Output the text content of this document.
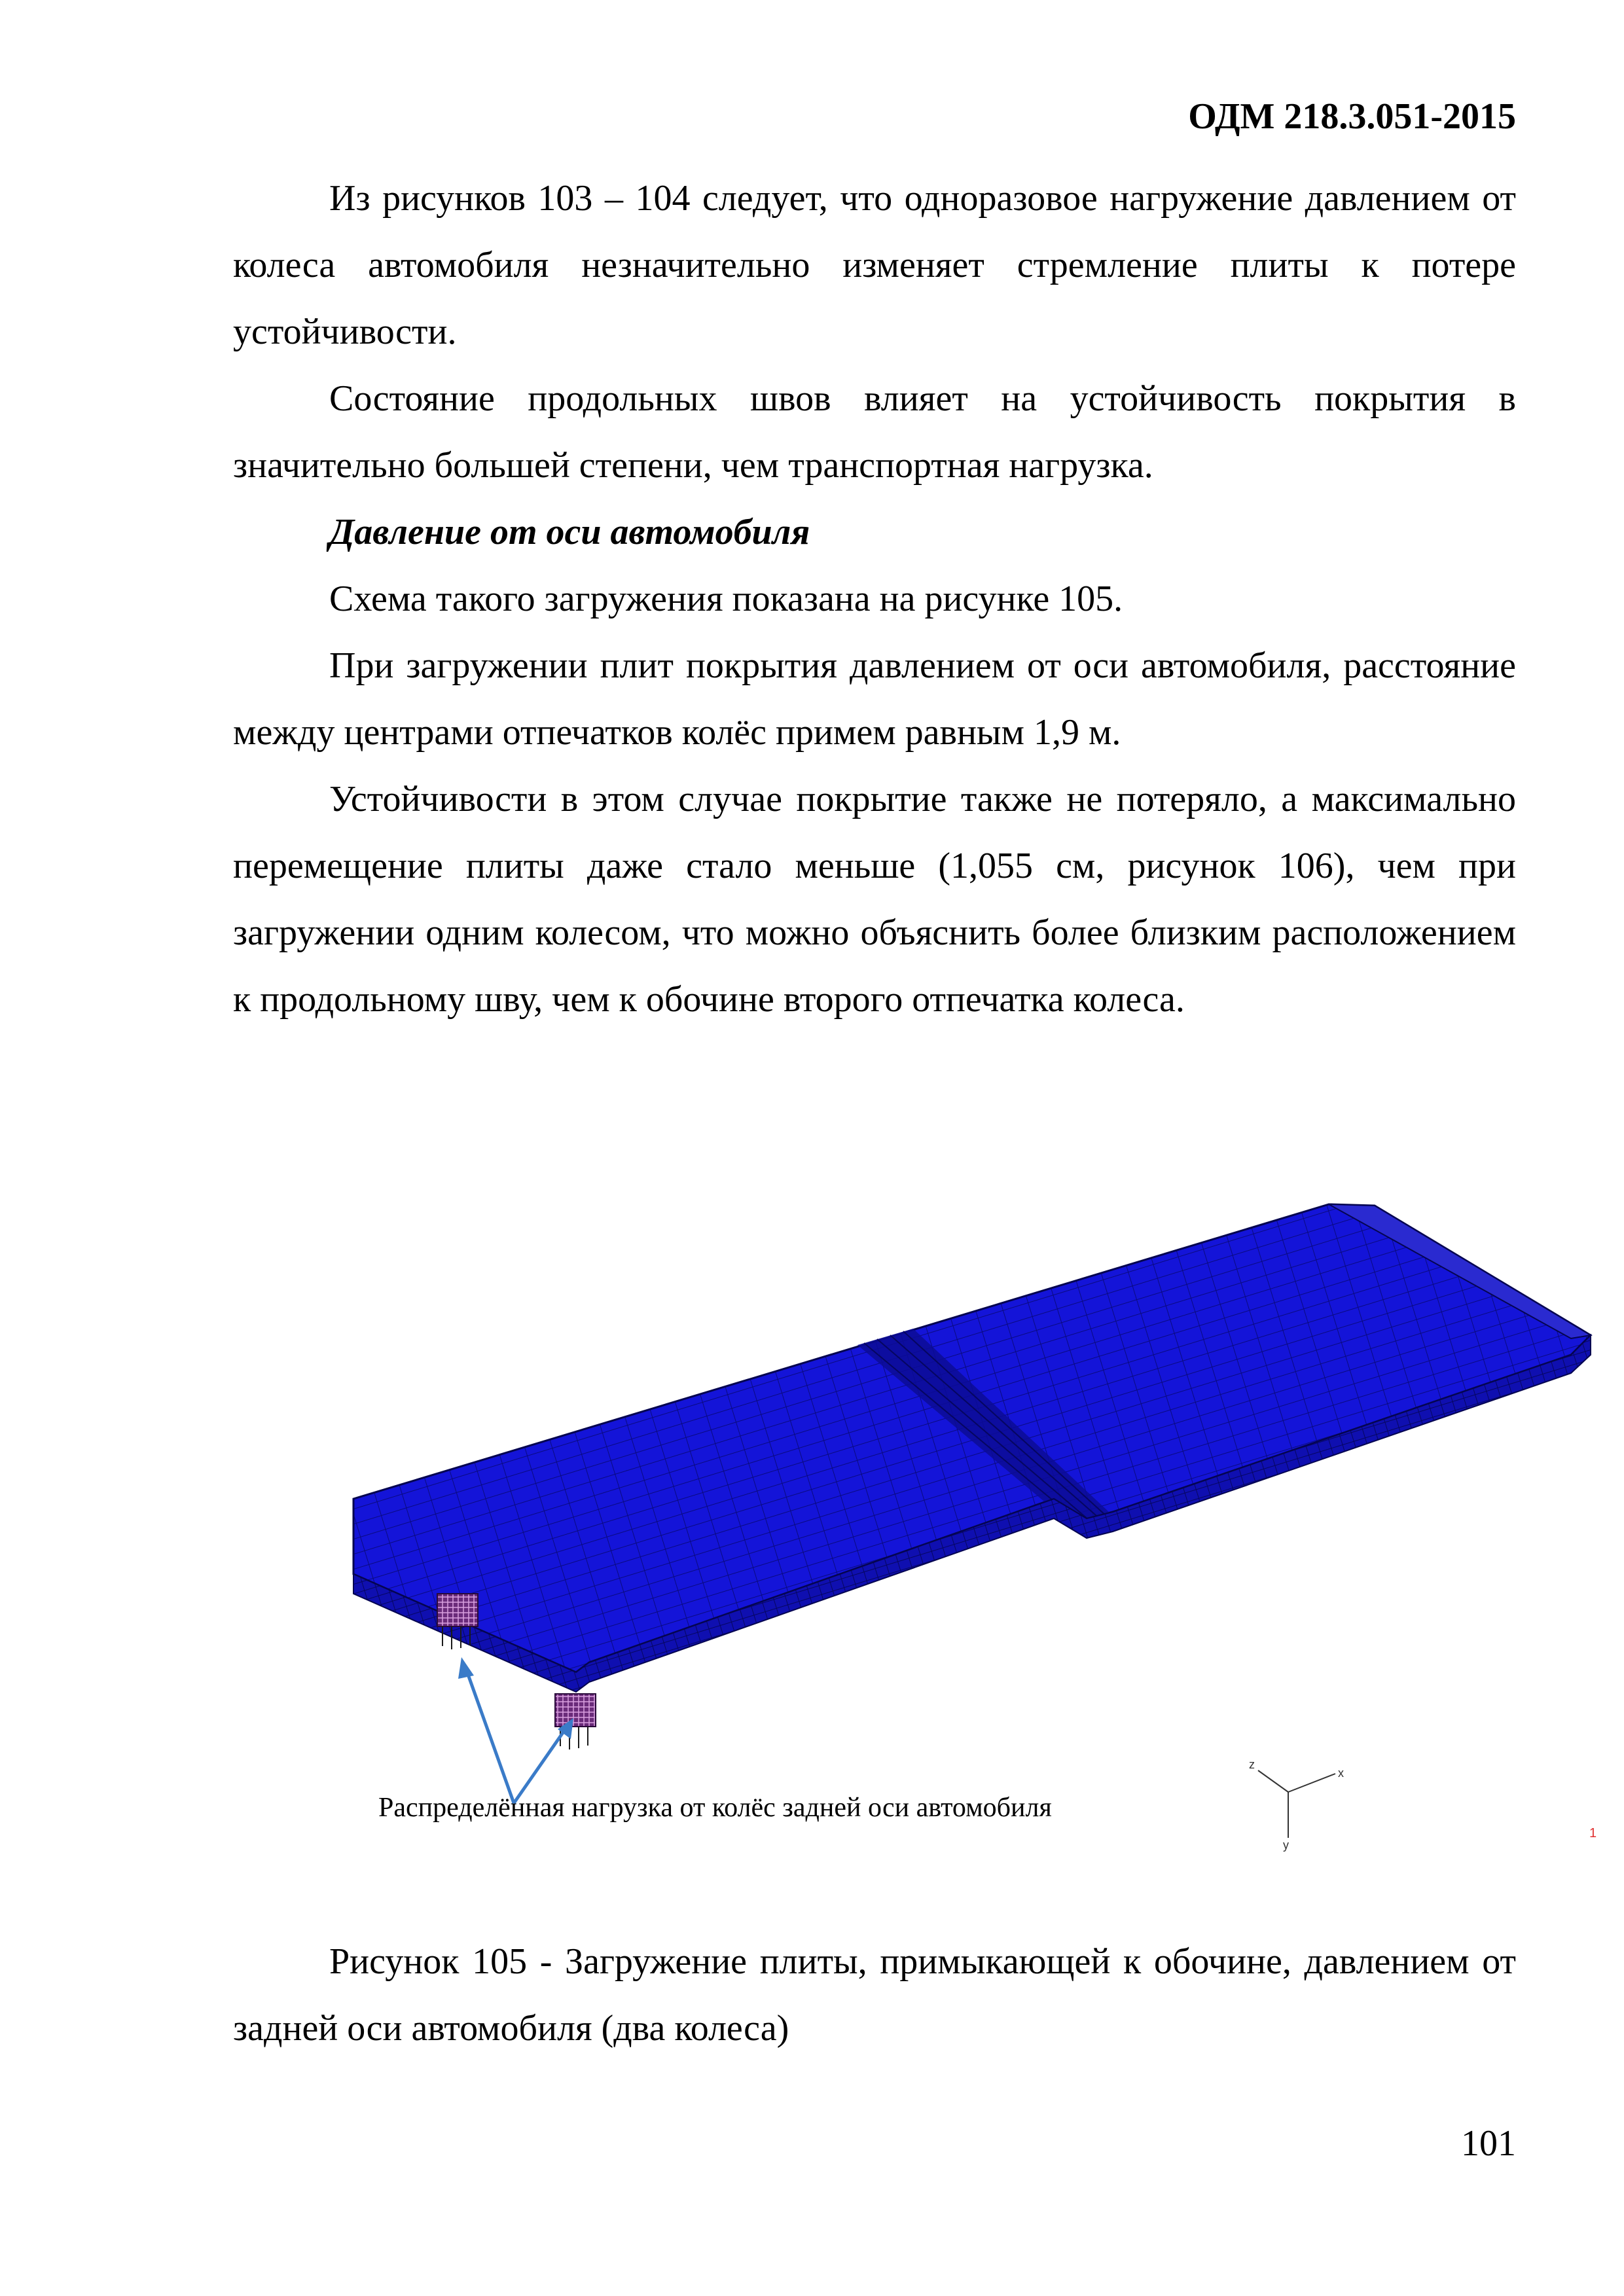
ОДМ 218.3.051-2015

Из рисунков 103 – 104 следует, что одноразовое нагружение давлением от колеса автомобиля незначительно изменяет стремление плиты к потере устойчивости.

Состояние продольных швов влияет на устойчивость покрытия в значительно большей степени, чем транспортная нагрузка.

Давление от оси автомобиля

Схема такого загружения показана на рисунке 105.

При загружении плит покрытия давлением от оси автомобиля, расстояние между центрами отпечатков колёс примем равным 1,9 м.

Устойчивости в этом случае покрытие также не потеряло, а максимально перемещение плиты даже стало меньше (1,055 см, рисунок 106), чем при загружении одним колесом, что можно объяснить более близким расположением к продольному шву, чем к обочине второго отпечатка колеса.

x
y
z
Распределённая нагрузка от колёс задней оси автомобиля
1

Рисунок 105 - Загружение плиты, примыкающей к обочине, давлением от задней оси автомобиля (два колеса)

101
